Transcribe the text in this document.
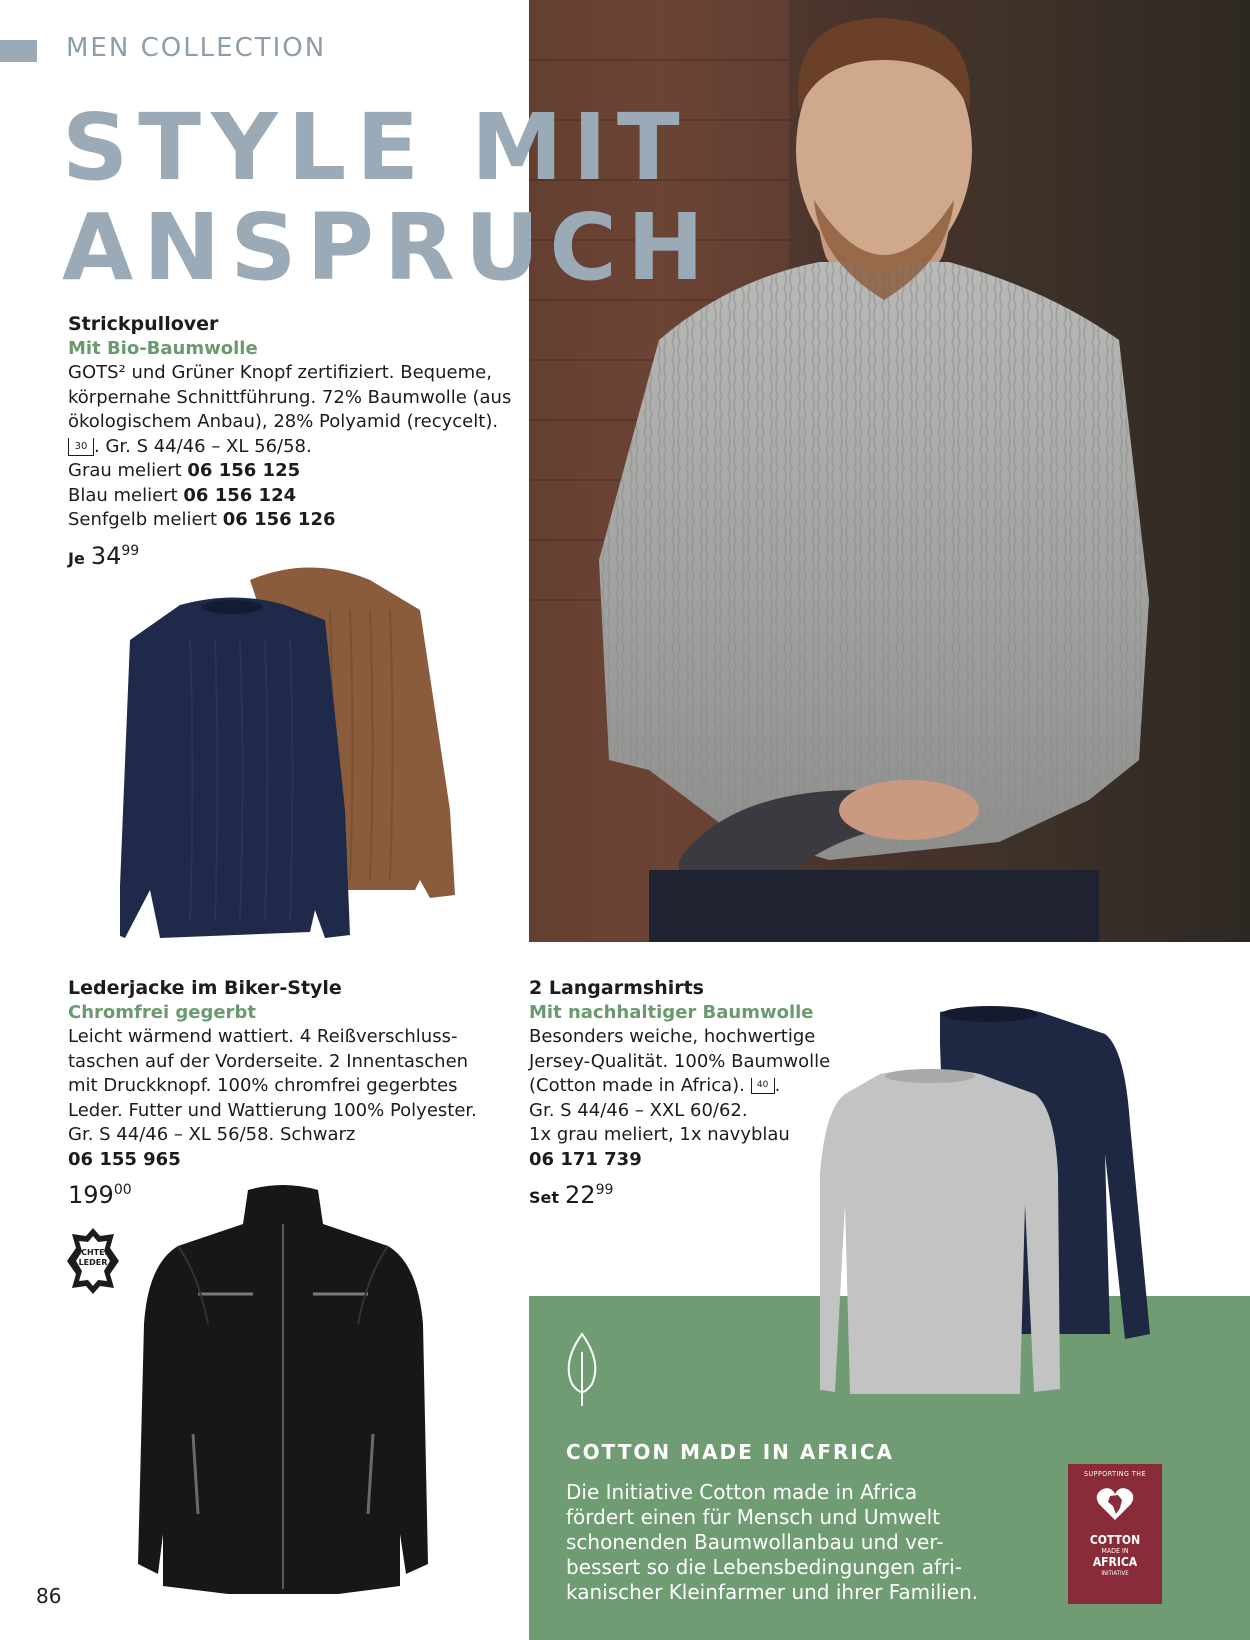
MEN COLLECTION
STYLE MIT
ANSPRUCH
Strickpullover
Mit Bio-Baumwolle
GOTS² und Grüner Knopf zertifiziert. Bequeme,
körpernahe Schnittführung. 72% Baumwolle (aus
ökologischem Anbau), 28% Polyamid (recycelt).
30 . Gr. S 44/46 – XL 56/58.
Grau meliert 06 156 125
Blau meliert 06 156 124
Senfgelb meliert 06 156 126
Je $34^{99}$
Lederjacke im Biker-Style
Chromfrei gegerbt
Leicht wärmend wattiert. 4 Reißverschluss-
taschen auf der Vorderseite. 2 Innentaschen
mit Druckknopf. 100% chromfrei gegerbtes
Leder. Futter und Wattierung 100% Polyester.
Gr. S 44/46 – XL 56/58. Schwarz
06 155 965
$199^{00}$
ECHTES
LEDER
2 Langarmshirts
Mit nachhaltiger Baumwolle
Besonders weiche, hochwertige
Jersey-Qualität. 100% Baumwolle
(Cotton made in Africa). 40 .
Gr. S 44/46 – XXL 60/62.
1x grau meliert, 1x navyblau
06 171 739
Set $22^{99}$
COTTON MADE IN AFRICA
Die Initiative Cotton made in Africa
fördert einen für Mensch und Umwelt
schonenden Baumwollanbau und ver-
bessert so die Lebensbedingungen afri-
kanischer Kleinfarmer und ihrer Familien.
SUPPORTING THE
COTTON
MADE IN
AFRICA
INITIATIVE
86
